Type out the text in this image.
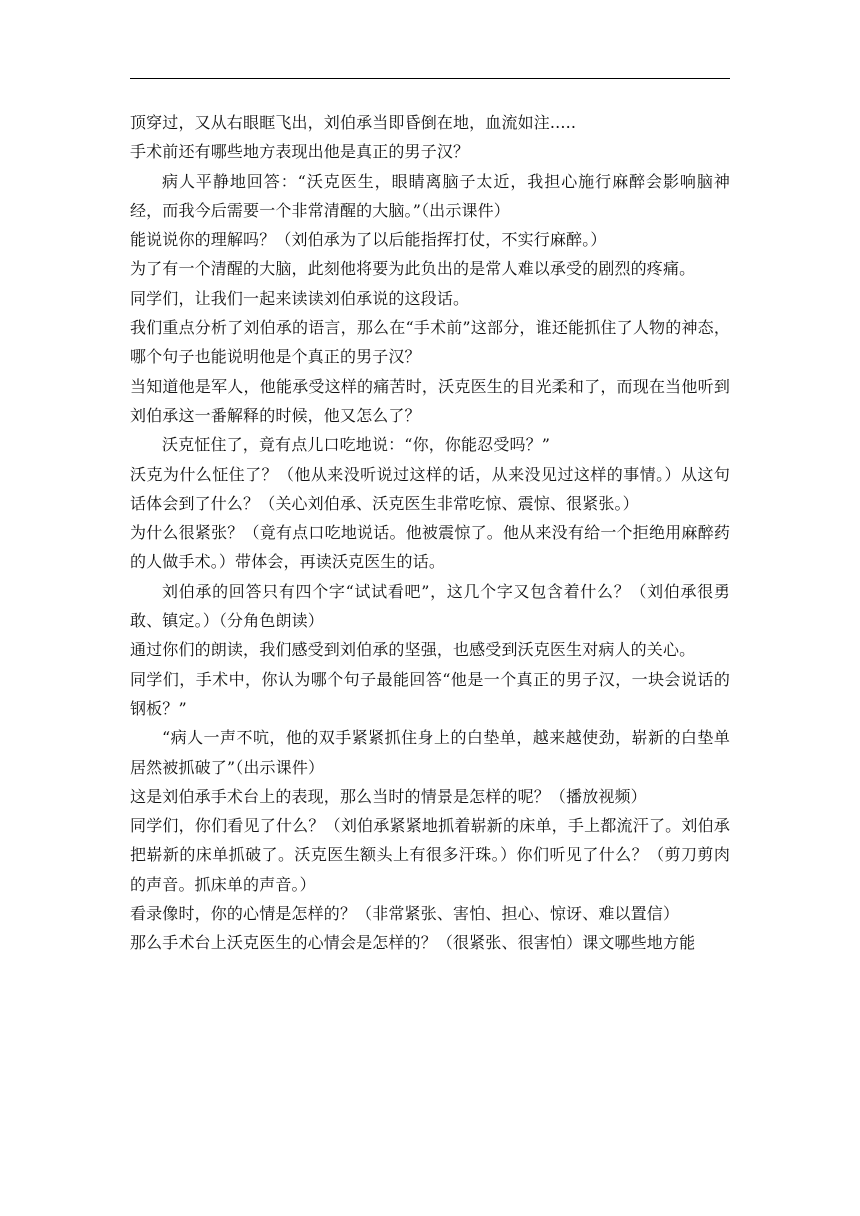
顶穿过，又从右眼眶飞出，刘伯承当即昏倒在地，血流如注.....

手术前还有哪些地方表现出他是真正的男子汉？

病人平静地回答：“沃克医生，眼睛离脑子太近，我担心施行麻醉会影响脑神经，而我今后需要一个非常清醒的大脑。”（出示课件）

能说说你的理解吗？（刘伯承为了以后能指挥打仗，不实行麻醉。）

为了有一个清醒的大脑，此刻他将要为此负出的是常人难以承受的剧烈的疼痛。

同学们，让我们一起来读读刘伯承说的这段话。

我们重点分析了刘伯承的语言，那么在“手术前”这部分，谁还能抓住了人物的神态，哪个句子也能说明他是个真正的男子汉？

当知道他是军人，他能承受这样的痛苦时，沃克医生的目光柔和了，而现在当他听到刘伯承这一番解释的时候，他又怎么了？

沃克怔住了，竟有点儿口吃地说：“你，你能忍受吗？”

沃克为什么怔住了？（他从来没听说过这样的话，从来没见过这样的事情。）从这句话体会到了什么？（关心刘伯承、沃克医生非常吃惊、震惊、很紧张。）

为什么很紧张？（竟有点口吃地说话。他被震惊了。他从来没有给一个拒绝用麻醉药的人做手术。）带体会，再读沃克医生的话。

刘伯承的回答只有四个字“试试看吧”，这几个字又包含着什么？（刘伯承很勇敢、镇定。）（分角色朗读）

通过你们的朗读，我们感受到刘伯承的坚强，也感受到沃克医生对病人的关心。

同学们，手术中，你认为哪个句子最能回答“他是一个真正的男子汉，一块会说话的钢板？”

“病人一声不吭，他的双手紧紧抓住身上的白垫单，越来越使劲，崭新的白垫单居然被抓破了”（出示课件）

这是刘伯承手术台上的表现，那么当时的情景是怎样的呢？（播放视频）

同学们，你们看见了什么？（刘伯承紧紧地抓着崭新的床单，手上都流汗了。刘伯承把崭新的床单抓破了。沃克医生额头上有很多汗珠。）你们听见了什么？（剪刀剪肉的声音。抓床单的声音。）

看录像时，你的心情是怎样的？（非常紧张、害怕、担心、惊讶、难以置信）

那么手术台上沃克医生的心情会是怎样的？（很紧张、很害怕）课文哪些地方能
